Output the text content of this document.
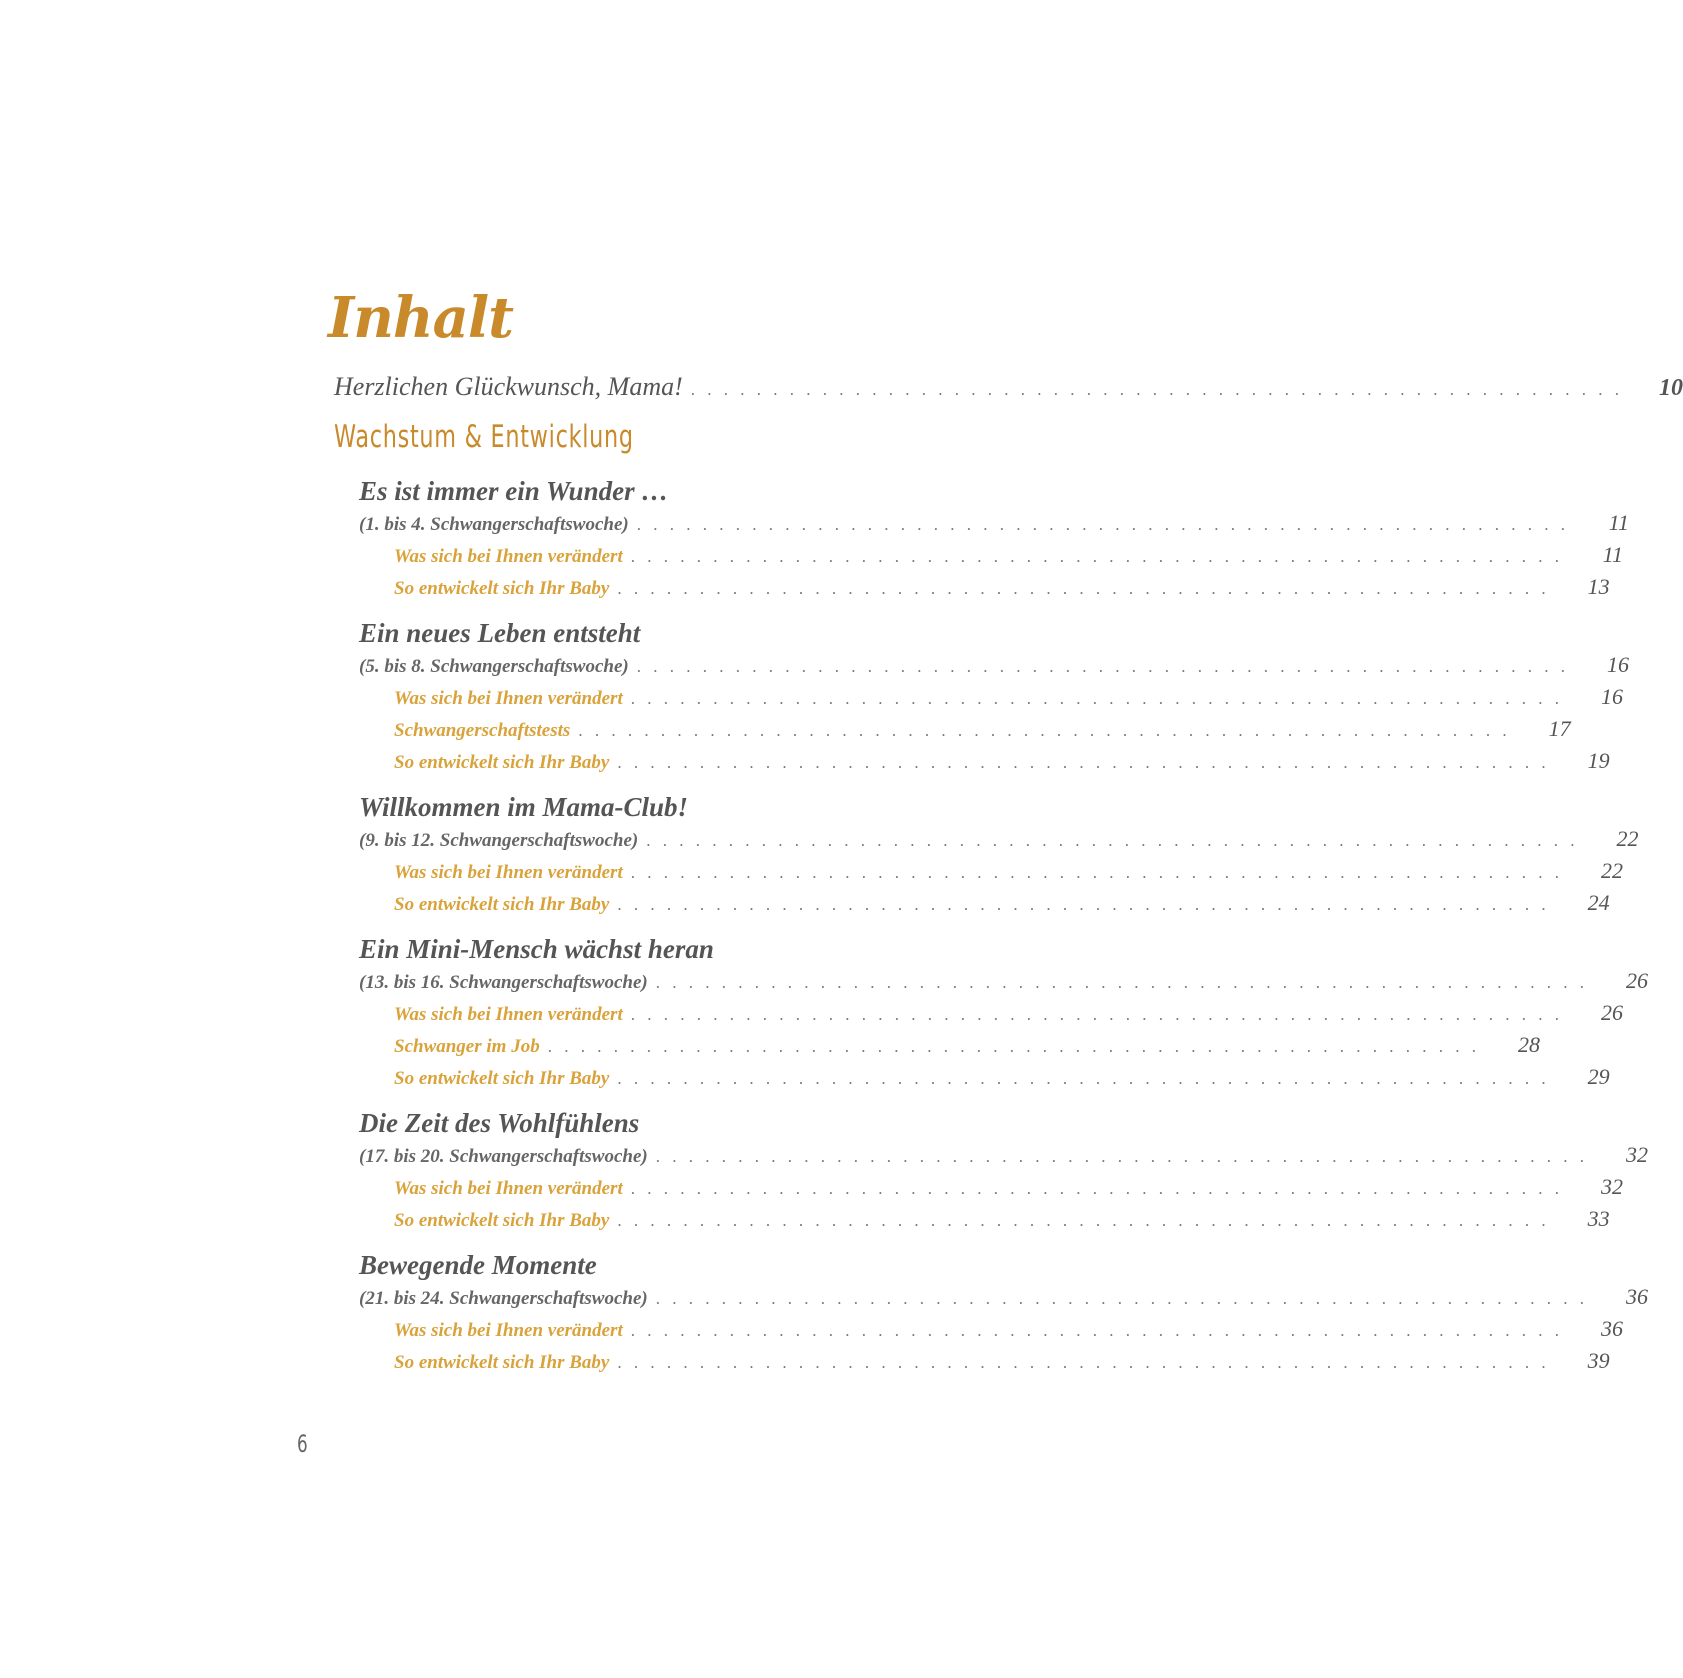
Inhalt
Herzlichen Glückwunsch, Mama! . . . . . . . . . . . . . . . . . . . . . . . . . . . . . . . . . . . . . . . . . . . . . . . . . . . . . . . . .	10
Wachstum & Entwicklung
Es ist immer ein Wunder …
(1. bis 4. Schwangerschaftswoche) . . . . . . . . . . . . . . . . . . . . . . . . . . . . . . . . . . . . . . . . . . . . . . . . . . . . . . . . .	11
Was sich bei Ihnen verändert . . . . . . . . . . . . . . . . . . . . . . . . . . . . . . . . . . . . . . . . . . . . . . . . . . . . . . . . .	11
So entwickelt sich Ihr Baby . . . . . . . . . . . . . . . . . . . . . . . . . . . . . . . . . . . . . . . . . . . . . . . . . . . . . . . . .	13
Ein neues Leben entsteht
(5. bis 8. Schwangerschaftswoche) . . . . . . . . . . . . . . . . . . . . . . . . . . . . . . . . . . . . . . . . . . . . . . . . . . . . . . . . .	16
Was sich bei Ihnen verändert . . . . . . . . . . . . . . . . . . . . . . . . . . . . . . . . . . . . . . . . . . . . . . . . . . . . . . . . .	16
Schwangerschaftstests . . . . . . . . . . . . . . . . . . . . . . . . . . . . . . . . . . . . . . . . . . . . . . . . . . . . . . . . .	17
So entwickelt sich Ihr Baby . . . . . . . . . . . . . . . . . . . . . . . . . . . . . . . . . . . . . . . . . . . . . . . . . . . . . . . . .	19
Willkommen im Mama-Club!
(9. bis 12. Schwangerschaftswoche) . . . . . . . . . . . . . . . . . . . . . . . . . . . . . . . . . . . . . . . . . . . . . . . . . . . . . . . . .	22
Was sich bei Ihnen verändert . . . . . . . . . . . . . . . . . . . . . . . . . . . . . . . . . . . . . . . . . . . . . . . . . . . . . . . . .	22
So entwickelt sich Ihr Baby . . . . . . . . . . . . . . . . . . . . . . . . . . . . . . . . . . . . . . . . . . . . . . . . . . . . . . . . .	24
Ein Mini-Mensch wächst heran
(13. bis 16. Schwangerschaftswoche) . . . . . . . . . . . . . . . . . . . . . . . . . . . . . . . . . . . . . . . . . . . . . . . . . . . . . . . . .	26
Was sich bei Ihnen verändert . . . . . . . . . . . . . . . . . . . . . . . . . . . . . . . . . . . . . . . . . . . . . . . . . . . . . . . . .	26
Schwanger im Job . . . . . . . . . . . . . . . . . . . . . . . . . . . . . . . . . . . . . . . . . . . . . . . . . . . . . . . . .	28
So entwickelt sich Ihr Baby . . . . . . . . . . . . . . . . . . . . . . . . . . . . . . . . . . . . . . . . . . . . . . . . . . . . . . . . .	29
Die Zeit des Wohlfühlens
(17. bis 20. Schwangerschaftswoche) . . . . . . . . . . . . . . . . . . . . . . . . . . . . . . . . . . . . . . . . . . . . . . . . . . . . . . . . .	32
Was sich bei Ihnen verändert . . . . . . . . . . . . . . . . . . . . . . . . . . . . . . . . . . . . . . . . . . . . . . . . . . . . . . . . .	32
So entwickelt sich Ihr Baby . . . . . . . . . . . . . . . . . . . . . . . . . . . . . . . . . . . . . . . . . . . . . . . . . . . . . . . . .	33
Bewegende Momente
(21. bis 24. Schwangerschaftswoche) . . . . . . . . . . . . . . . . . . . . . . . . . . . . . . . . . . . . . . . . . . . . . . . . . . . . . . . . .	36
Was sich bei Ihnen verändert . . . . . . . . . . . . . . . . . . . . . . . . . . . . . . . . . . . . . . . . . . . . . . . . . . . . . . . . .	36
So entwickelt sich Ihr Baby . . . . . . . . . . . . . . . . . . . . . . . . . . . . . . . . . . . . . . . . . . . . . . . . . . . . . . . . .	39
6
